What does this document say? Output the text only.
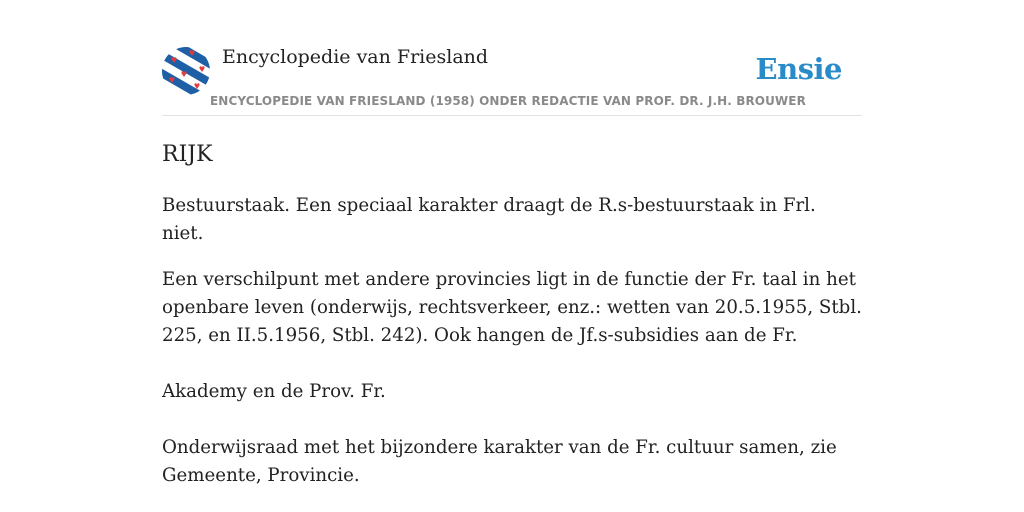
Encyclopedie van Friesland	Ensie
ENCYCLOPEDIE VAN FRIESLAND (1958) ONDER REDACTIE VAN PROF. DR. J.H. BROUWER
RIJK

Bestuurstaak. Een speciaal karakter draagt de R.s-bestuurstaak in Frl. niet.

Een verschilpunt met andere provincies ligt in de functie der Fr. taal in het openbare leven (onderwijs, rechtsverkeer, enz.: wetten van 20.5.1955, Stbl. 225, en II.5.1956, Stbl. 242). Ook hangen de Jf.s-subsidies aan de Fr.

Akademy en de Prov. Fr.

Onderwijsraad met het bijzondere karakter van de Fr. cultuur samen, zie Gemeente, Provincie.
